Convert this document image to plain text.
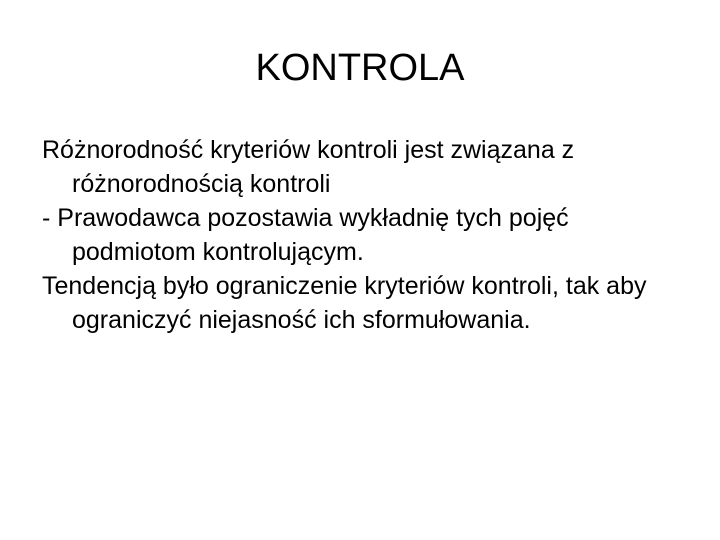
KONTROLA

Różnorodność kryteriów kontroli jest związana z różnorodnością kontroli

- Prawodawca pozostawia wykładnię tych pojęć podmiotom kontrolującym.

Tendencją było ograniczenie kryteriów kontroli, tak aby ograniczyć niejasność ich sformułowania.
